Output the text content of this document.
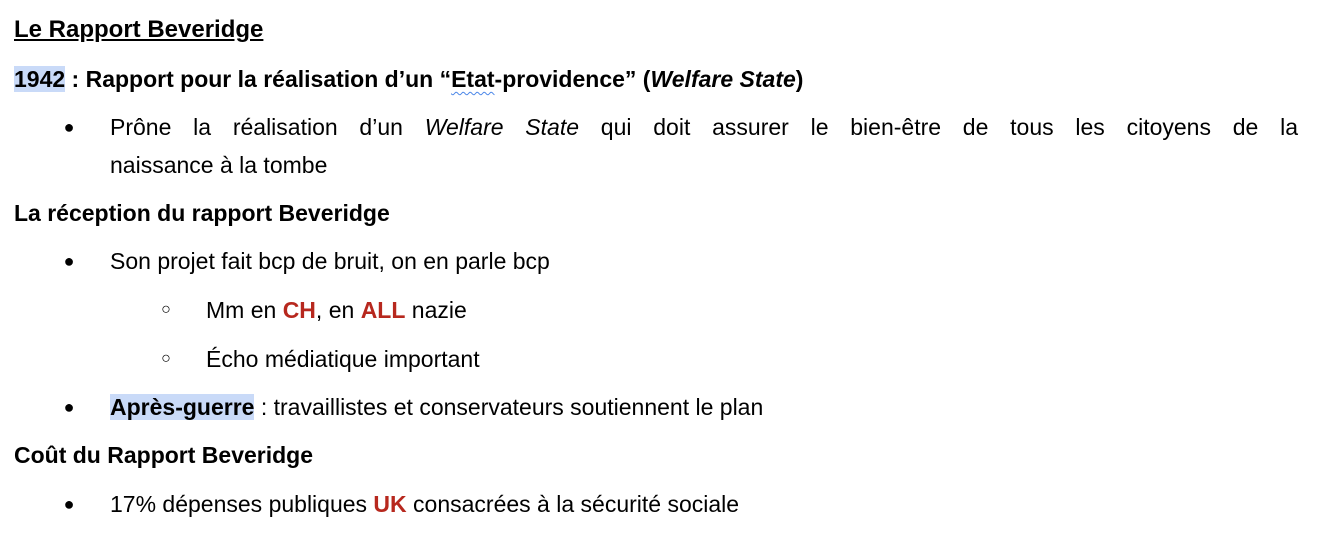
Le Rapport Beveridge
1942 : Rapport pour la réalisation d’un “Etat-providence” (Welfare State)
● Prône la réalisation d’un Welfare State qui doit assurer le bien-être de tous les citoyens de la
naissance à la tombe
La réception du rapport Beveridge
● Son projet fait bcp de bruit, on en parle bcp
○ Mm en CH, en ALL nazie
○ Écho médiatique important
● Après-guerre : travaillistes et conservateurs soutiennent le plan
Coût du Rapport Beveridge
● 17% dépenses publiques UK consacrées à la sécurité sociale
